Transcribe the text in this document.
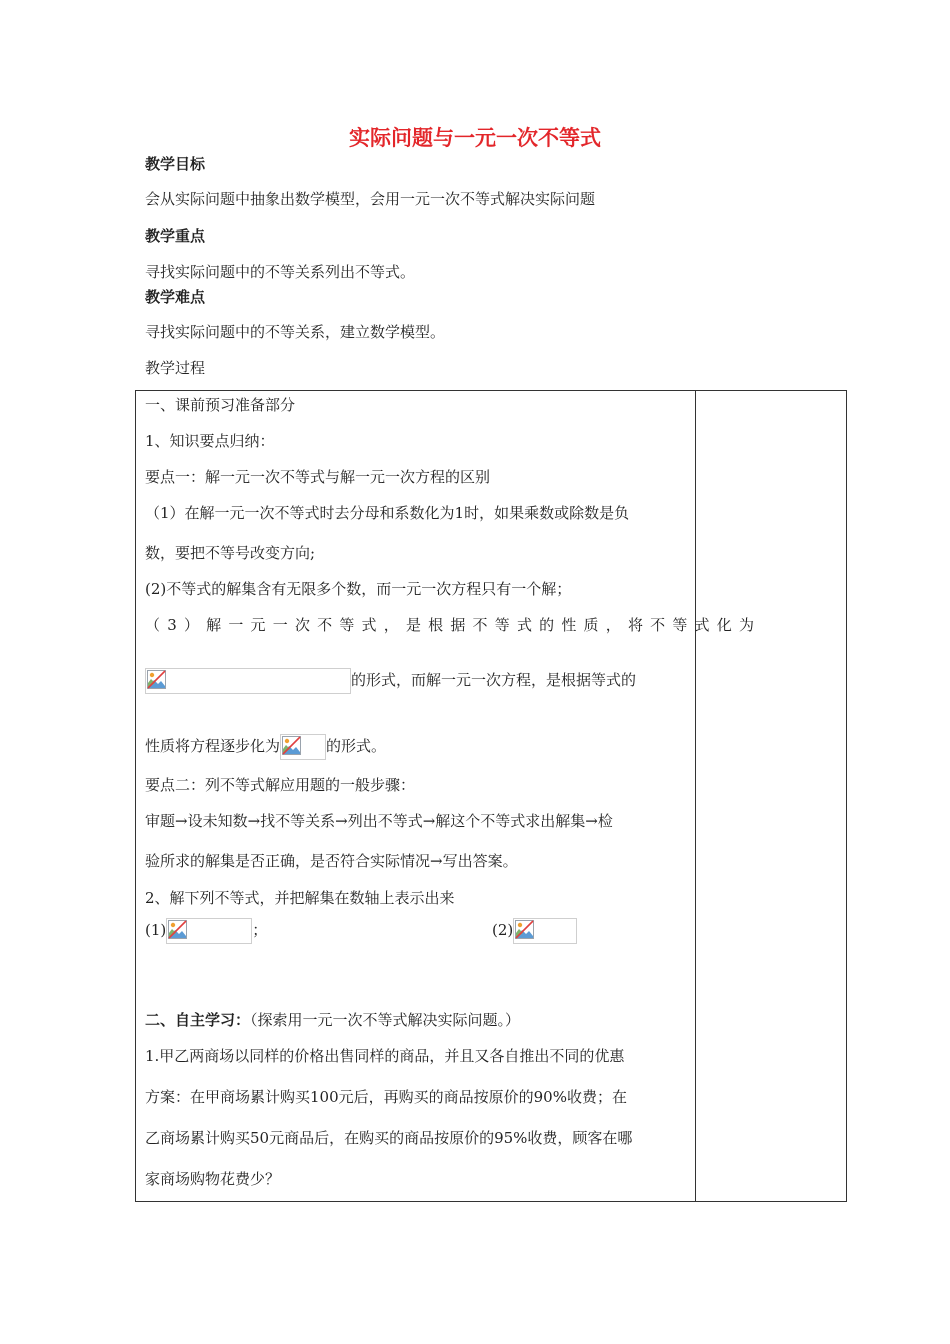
实际问题与一元一次不等式
教学目标
会从实际问题中抽象出数学模型，会用一元一次不等式解决实际问题
教学重点
寻找实际问题中的不等关系列出不等式。
教学难点
寻找实际问题中的不等关系，建立数学模型。
教学过程
一、课前预习准备部分
1、知识要点归纳：
要点一：解一元一次不等式与解一元一次方程的区别
（1）在解一元一次不等式时去分母和系数化为1时，如果乘数或除数是负
数，要把不等号改变方向;
(2)不等式的解集含有无限多个数，而一元一次方程只有一个解；
（3）解一元一次不等式，是根据不等式的性质，将不等式化为
的形式，而解一元一次方程，是根据等式的
性质将方程逐步化为	的形式。
要点二：列不等式解应用题的一般步骤：
审题→设未知数→找不等关系→列出不等式→解这个不等式求出解集→检
验所求的解集是否正确，是否符合实际情况→写出答案。
2、解下列不等式，并把解集在数轴上表示出来
(1)	；	(2)
二、自主学习：（探索用一元一次不等式解决实际问题。）
1.甲乙两商场以同样的价格出售同样的商品，并且又各自推出不同的优惠
方案：在甲商场累计购买100元后，再购买的商品按原价的90%收费；在
乙商场累计购买50元商品后，在购买的商品按原价的95%收费，顾客在哪
家商场购物花费少？
